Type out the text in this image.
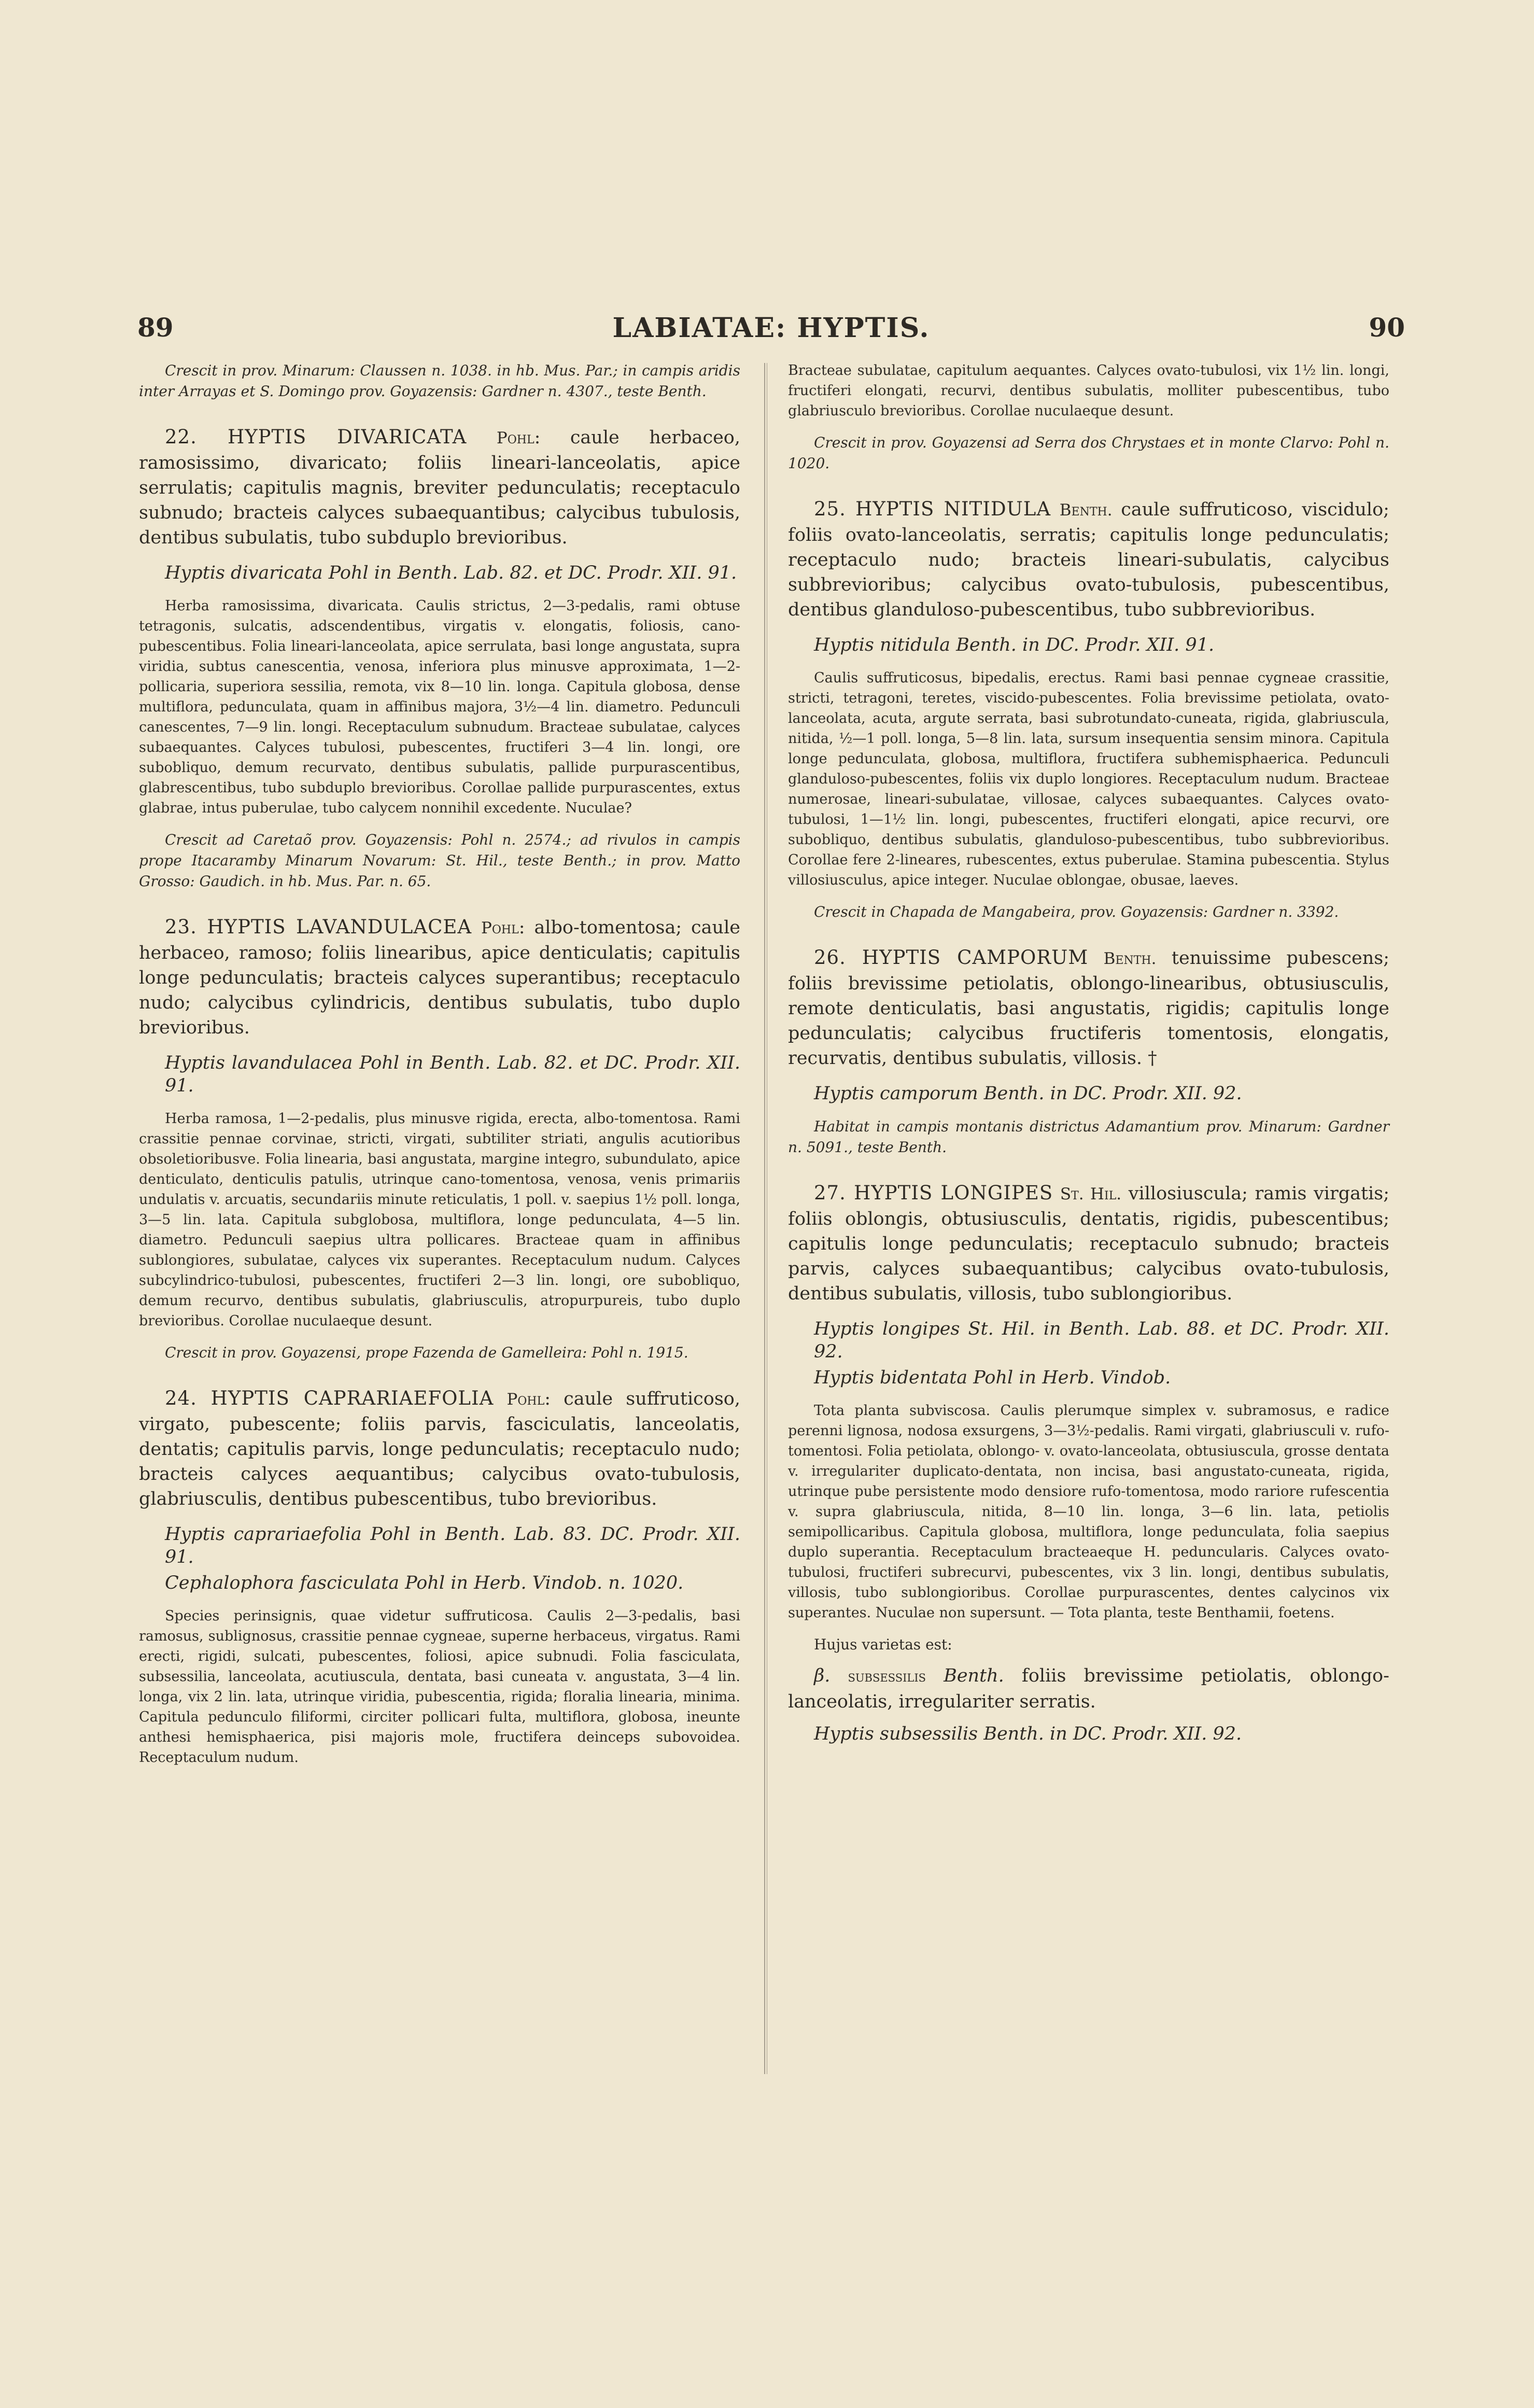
89	LABIATAE: HYPTIS.	90

Crescit in prov. Minarum: Claussen n. 1038. in hb. Mus. Par.; in campis aridis inter Arrayas et S. Domingo prov. Goyazensis: Gardner n. 4307., teste Benth.

22. HYPTIS DIVARICATA Pohl: caule herbaceo, ramosissimo, divaricato; foliis lineari-lanceolatis, apice serrulatis; capitulis magnis, breviter pedunculatis; receptaculo subnudo; bracteis calyces subaequantibus; calycibus tubulosis, dentibus subulatis, tubo subduplo brevioribus.

Hyptis divaricata Pohl in Benth. Lab. 82. et DC. Prodr. XII. 91.

Herba ramosissima, divaricata. Caulis strictus, 2—3-pedalis, rami obtuse tetragonis, sulcatis, adscendentibus, virgatis v. elongatis, foliosis, cano-pubescentibus. Folia lineari-lanceolata, apice serrulata, basi longe angustata, supra viridia, subtus canescentia, venosa, inferiora plus minusve approximata, 1—2-pollicaria, superiora sessilia, remota, vix 8—10 lin. longa. Capitula globosa, dense multiflora, pedunculata, quam in affinibus majora, 3½—4 lin. diametro. Pedunculi canescentes, 7—9 lin. longi. Receptaculum subnudum. Bracteae subulatae, calyces subaequantes. Calyces tubulosi, pubescentes, fructiferi 3—4 lin. longi, ore subobliquo, demum recurvato, dentibus subulatis, pallide purpurascentibus, glabrescentibus, tubo subduplo brevioribus. Corollae pallide purpurascentes, extus glabrae, intus puberulae, tubo calycem nonnihil excedente. Nuculae?

Crescit ad Caretaõ prov. Goyazensis: Pohl n. 2574.; ad rivulos in campis prope Itacaramby Minarum Novarum: St. Hil., teste Benth.; in prov. Matto Grosso: Gaudich. in hb. Mus. Par. n. 65.

23. HYPTIS LAVANDULACEA Pohl: albo-tomentosa; caule herbaceo, ramoso; foliis linearibus, apice denticulatis; capitulis longe pedunculatis; bracteis calyces superantibus; receptaculo nudo; calycibus cylindricis, dentibus subulatis, tubo duplo brevioribus.

Hyptis lavandulacea Pohl in Benth. Lab. 82. et DC. Prodr. XII. 91.

Herba ramosa, 1—2-pedalis, plus minusve rigida, erecta, albo-tomentosa. Rami crassitie pennae corvinae, stricti, virgati, subtiliter striati, angulis acutioribus obsoletioribusve. Folia linearia, basi angustata, margine integro, subundulato, apice denticulato, denticulis patulis, utrinque cano-tomentosa, venosa, venis primariis undulatis v. arcuatis, secundariis minute reticulatis, 1 poll. v. saepius 1½ poll. longa, 3—5 lin. lata. Capitula subglobosa, multiflora, longe pedunculata, 4—5 lin. diametro. Pedunculi saepius ultra pollicares. Bracteae quam in affinibus sublongiores, subulatae, calyces vix superantes. Receptaculum nudum. Calyces subcylindrico-tubulosi, pubescentes, fructiferi 2—3 lin. longi, ore subobliquo, demum recurvo, dentibus subulatis, glabriusculis, atropurpureis, tubo duplo brevioribus. Corollae nuculaeque desunt.

Crescit in prov. Goyazensi, prope Fazenda de Gamelleira: Pohl n. 1915.

24. HYPTIS CAPRARIAEFOLIA Pohl: caule suffruticoso, virgato, pubescente; foliis parvis, fasciculatis, lanceolatis, dentatis; capitulis parvis, longe pedunculatis; receptaculo nudo; bracteis calyces aequantibus; calycibus ovato-tubulosis, glabriusculis, dentibus pubescentibus, tubo brevioribus.

Hyptis caprariaefolia Pohl in Benth. Lab. 83. DC. Prodr. XII. 91.

Cephalophora fasciculata Pohl in Herb. Vindob. n. 1020.

Species perinsignis, quae videtur suffruticosa. Caulis 2—3-pedalis, basi ramosus, sublignosus, crassitie pennae cygneae, superne herbaceus, virgatus. Rami erecti, rigidi, sulcati, pubescentes, foliosi, apice subnudi. Folia fasciculata, subsessilia, lanceolata, acutiuscula, dentata, basi cuneata v. angustata, 3—4 lin. longa, vix 2 lin. lata, utrinque viridia, pubescentia, rigida; floralia linearia, minima. Capitula pedunculo filiformi, circiter pollicari fulta, multiflora, globosa, ineunte anthesi hemisphaerica, pisi majoris mole, fructifera deinceps subovoidea. Receptaculum nudum.

Bracteae subulatae, capitulum aequantes. Calyces ovato-tubulosi, vix 1½ lin. longi, fructiferi elongati, recurvi, dentibus subulatis, molliter pubescentibus, tubo glabriusculo brevioribus. Corollae nuculaeque desunt.

Crescit in prov. Goyazensi ad Serra dos Chrystaes et in monte Clarvo: Pohl n. 1020.

25. HYPTIS NITIDULA Benth. caule suffruticoso, viscidulo; foliis ovato-lanceolatis, serratis; capitulis longe pedunculatis; receptaculo nudo; bracteis lineari-subulatis, calycibus subbrevioribus; calycibus ovato-tubulosis, pubescentibus, dentibus glanduloso-pubescentibus, tubo subbrevioribus.

Hyptis nitidula Benth. in DC. Prodr. XII. 91.

Caulis suffruticosus, bipedalis, erectus. Rami basi pennae cygneae crassitie, stricti, tetragoni, teretes, viscido-pubescentes. Folia brevissime petiolata, ovato-lanceolata, acuta, argute serrata, basi subrotundato-cuneata, rigida, glabriuscula, nitida, ½—1 poll. longa, 5—8 lin. lata, sursum insequentia sensim minora. Capitula longe pedunculata, globosa, multiflora, fructifera subhemisphaerica. Pedunculi glanduloso-pubescentes, foliis vix duplo longiores. Receptaculum nudum. Bracteae numerosae, lineari-subulatae, villosae, calyces subaequantes. Calyces ovato-tubulosi, 1—1½ lin. longi, pubescentes, fructiferi elongati, apice recurvi, ore subobliquo, dentibus subulatis, glanduloso-pubescentibus, tubo subbrevioribus. Corollae fere 2-lineares, rubescentes, extus puberulae. Stamina pubescentia. Stylus villosiusculus, apice integer. Nuculae oblongae, obusae, laeves.

Crescit in Chapada de Mangabeira, prov. Goyazensis: Gardner n. 3392.

26. HYPTIS CAMPORUM Benth. tenuissime pubescens; foliis brevissime petiolatis, oblongo-linearibus, obtusiusculis, remote denticulatis, basi angustatis, rigidis; capitulis longe pedunculatis; calycibus fructiferis tomentosis, elongatis, recurvatis, dentibus subulatis, villosis. †

Hyptis camporum Benth. in DC. Prodr. XII. 92.

Habitat in campis montanis districtus Adamantium prov. Minarum: Gardner n. 5091., teste Benth.

27. HYPTIS LONGIPES St. Hil. villosiuscula; ramis virgatis; foliis oblongis, obtusiusculis, dentatis, rigidis, pubescentibus; capitulis longe pedunculatis; receptaculo subnudo; bracteis parvis, calyces subaequantibus; calycibus ovato-tubulosis, dentibus subulatis, villosis, tubo sublongioribus.

Hyptis longipes St. Hil. in Benth. Lab. 88. et DC. Prodr. XII. 92.

Hyptis bidentata Pohl in Herb. Vindob.

Tota planta subviscosa. Caulis plerumque simplex v. subramosus, e radice perenni lignosa, nodosa exsurgens, 3—3½-pedalis. Rami virgati, glabriusculi v. rufo-tomentosi. Folia petiolata, oblongo- v. ovato-lanceolata, obtusiuscula, grosse dentata v. irregulariter duplicato-dentata, non incisa, basi angustato-cuneata, rigida, utrinque pube persistente modo densiore rufo-tomentosa, modo rariore rufescentia v. supra glabriuscula, nitida, 8—10 lin. longa, 3—6 lin. lata, petiolis semipollicaribus. Capitula globosa, multiflora, longe pedunculata, folia saepius duplo superantia. Receptaculum bracteaeque H. peduncularis. Calyces ovato-tubulosi, fructiferi subrecurvi, pubescentes, vix 3 lin. longi, dentibus subulatis, villosis, tubo sublongioribus. Corollae purpurascentes, dentes calycinos vix superantes. Nuculae non supersunt. — Tota planta, teste Benthamii, foetens.

Hujus varietas est:

β. subsessilis Benth. foliis brevissime petiolatis, oblongo-lanceolatis, irregulariter serratis.

Hyptis subsessilis Benth. in DC. Prodr. XII. 92.
